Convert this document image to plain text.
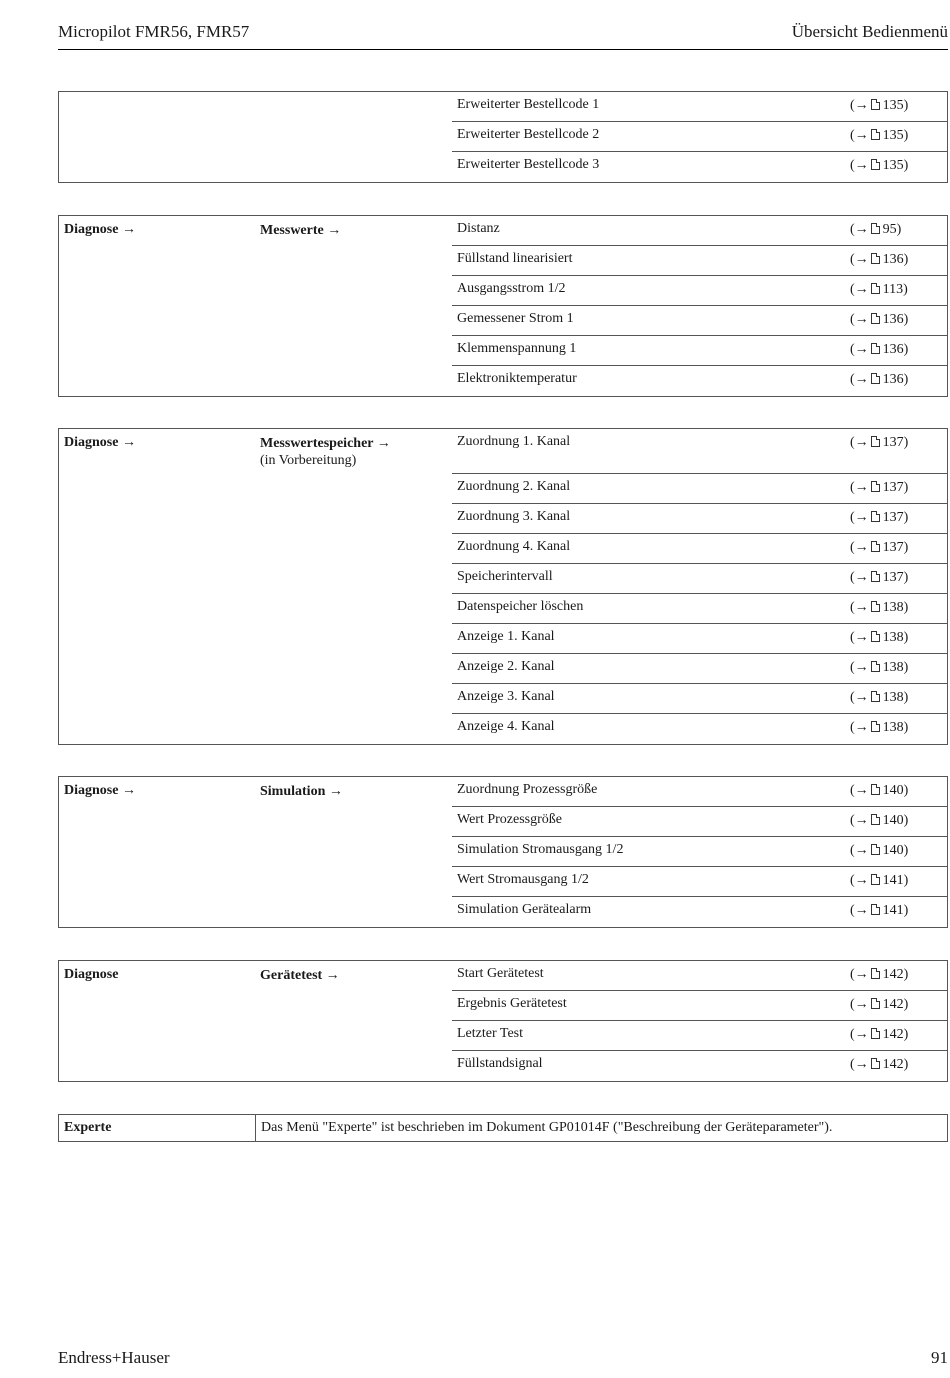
Micropilot FMR56, FMR57	Übersicht Bedienmenü
Erweiterter Bestellcode 1	(→ 135)
Erweiterter Bestellcode 2	(→ 135)
Erweiterter Bestellcode 3	(→ 135)
Diagnose →	Messwerte →	Distanz	(→ 95)
Füllstand linearisiert	(→ 136)
Ausgangsstrom 1/2	(→ 113)
Gemessener Strom 1	(→ 136)
Klemmenspannung 1	(→ 136)
Elektroniktemperatur	(→ 136)
Diagnose →	Messwertespeicher →
(in Vorbereitung)
Zuordnung 1. Kanal	(→ 137)
Zuordnung 2. Kanal	(→ 137)
Zuordnung 3. Kanal	(→ 137)
Zuordnung 4. Kanal	(→ 137)
Speicherintervall	(→ 137)
Datenspeicher löschen	(→ 138)
Anzeige 1. Kanal	(→ 138)
Anzeige 2. Kanal	(→ 138)
Anzeige 3. Kanal	(→ 138)
Anzeige 4. Kanal	(→ 138)
Diagnose →	Simulation →	Zuordnung Prozessgröße	(→ 140)
Wert Prozessgröße	(→ 140)
Simulation Stromausgang 1/2	(→ 140)
Wert Stromausgang 1/2	(→ 141)
Simulation Gerätealarm	(→ 141)
Diagnose	Gerätetest →	Start Gerätetest	(→ 142)
Ergebnis Gerätetest	(→ 142)
Letzter Test	(→ 142)
Füllstandsignal	(→ 142)
Experte	Das Menü "Experte" ist beschrieben im Dokument GP01014F ("Beschreibung der Geräteparameter").
Endress+Hauser	91
